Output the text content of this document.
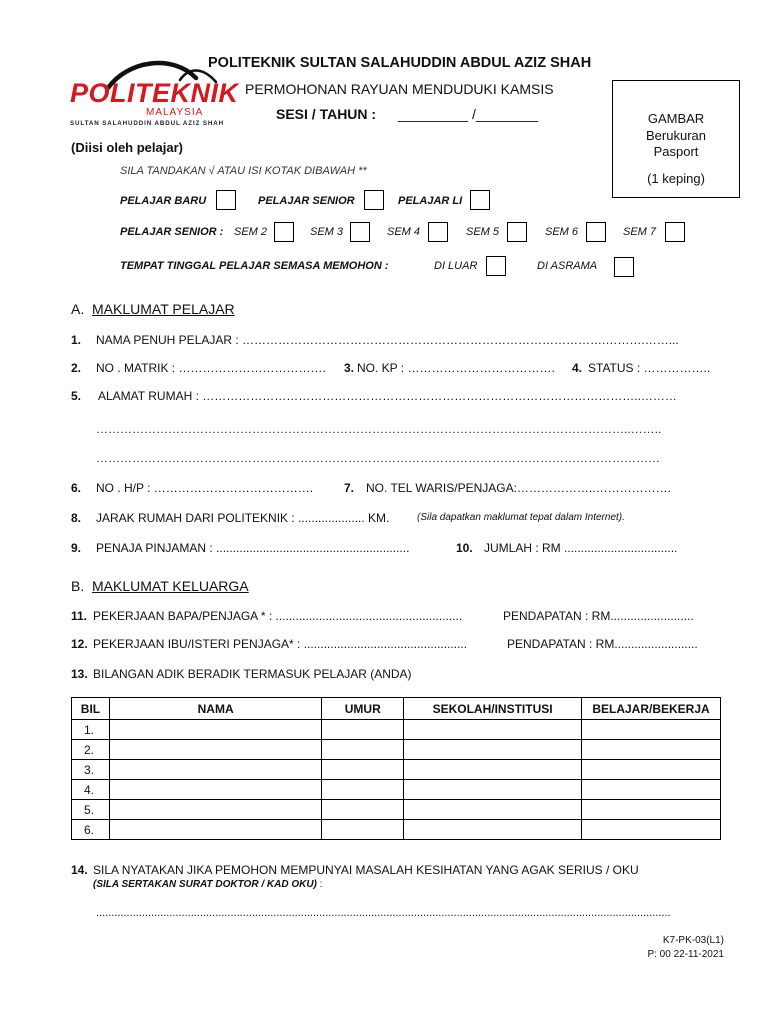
POLITEKNIK
MALAYSIA
SULTAN SALAHUDDIN ABDUL AZIZ SHAH
POLITEKNIK SULTAN SALAHUDDIN ABDUL AZIZ SHAH
PERMOHONAN RAYUAN MENDUDUKI KAMSIS
SESI / TAHUN : _________ /________	GAMBAR
Berukuran
Pasport
(1 keping)
(Diisi oleh pelajar)
SILA TANDAKAN √ ATAU ISI KOTAK DIBAWAH **
PELAJAR BARU	PELAJAR SENIOR	PELAJAR LI
PELAJAR SENIOR : SEM 2	SEM 3	SEM 4	SEM 5	SEM 6	SEM 7
TEMPAT TINGGAL PELAJAR SEMASA MEMOHON :	DI LUAR	DI ASRAMA
A. MAKLUMAT PELAJAR
1. NAMA PENUH PELAJAR : ……………………………………………………………………………….……….……...
2. NO . MATRIK : ………………………………. 3. NO. KP : ………………………………. 4. STATUS : ……………..
5. ALAMAT RUMAH : ………………………………………………………………………………………………..………
……………………………………………………………………………………………………………………..……..
……………………………………………………………………………………………………………………………
6. NO . H/P : ………………………………….	7. NO. TEL WARIS/PENJAGA:………………..……………….
8. JARAK RUMAH DARI POLITEKNIK : .................... KM.	(Sila dapatkan maklumat tepat dalam Internet).
9. PENAJA PINJAMAN : ..........................................................	10. JUMLAH : RM ..................................
B. MAKLUMAT KELUARGA
11. PEKERJAAN BAPA/PENJAGA * : ........................................................	PENDAPATAN : RM.........................
12. PEKERJAAN IBU/ISTERI PENJAGA* : .................................................	PENDAPATAN : RM.........................
13. BILANGAN ADIK BERADIK TERMASUK PELAJAR (ANDA)
BIL	NAMA	UMUR	SEKOLAH/INSTITUSI	BELAJAR/BEKERJA
1.				
2.				
3.				
4.				
5.				
6.				
14. SILA NYATAKAN JIKA PEMOHON MEMPUNYAI MASALAH KESIHATAN YANG AGAK SERIUS / OKU
(SILA SERTAKAN SURAT DOKTOR / KAD OKU) :
............................................................................................................................................................................................
K7-PK-03(L1)
P: 00 22-11-2021
